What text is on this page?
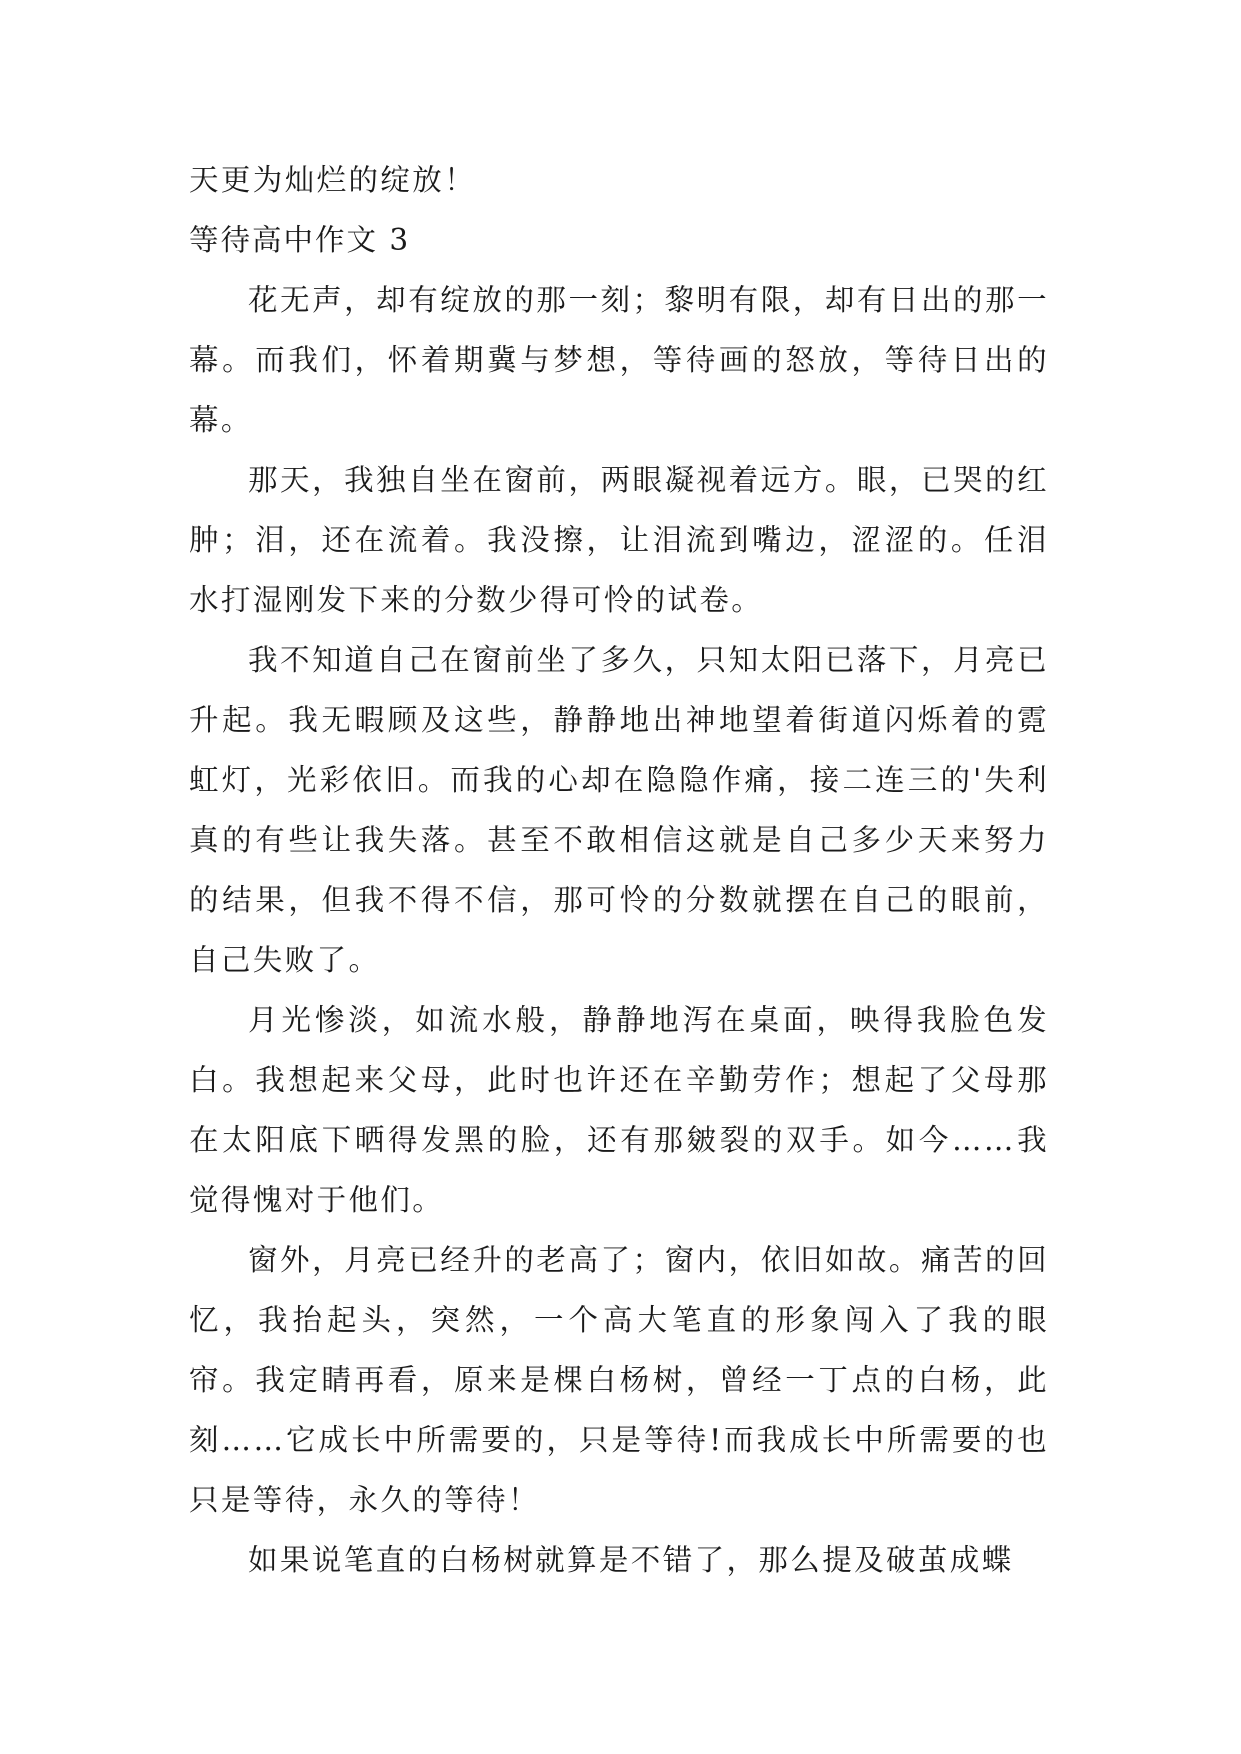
天更为灿烂的绽放！

等待高中作文 3

花无声，却有绽放的那一刻；黎明有限，却有日出的那一幕。而我们，怀着期冀与梦想，等待画的怒放，等待日出的幕。

那天，我独自坐在窗前，两眼凝视着远方。眼，已哭的红肿；泪，还在流着。我没擦，让泪流到嘴边，涩涩的。任泪水打湿刚发下来的分数少得可怜的试卷。

我不知道自己在窗前坐了多久，只知太阳已落下，月亮已升起。我无暇顾及这些，静静地出神地望着街道闪烁着的霓虹灯，光彩依旧。而我的心却在隐隐作痛，接二连三的'失利真的有些让我失落。甚至不敢相信这就是自己多少天来努力的结果，但我不得不信，那可怜的分数就摆在自己的眼前，自己失败了。

月光惨淡，如流水般，静静地泻在桌面，映得我脸色发白。我想起来父母，此时也许还在辛勤劳作；想起了父母那在太阳底下晒得发黑的脸，还有那皴裂的双手。如今……我觉得愧对于他们。

窗外，月亮已经升的老高了；窗内，依旧如故。痛苦的回忆，我抬起头，突然，一个高大笔直的形象闯入了我的眼帘。我定睛再看，原来是棵白杨树，曾经一丁点的白杨，此刻……它成长中所需要的，只是等待!而我成长中所需要的也只是等待，永久的等待！

如果说笔直的白杨树就算是不错了，那么提及破茧成蝶
